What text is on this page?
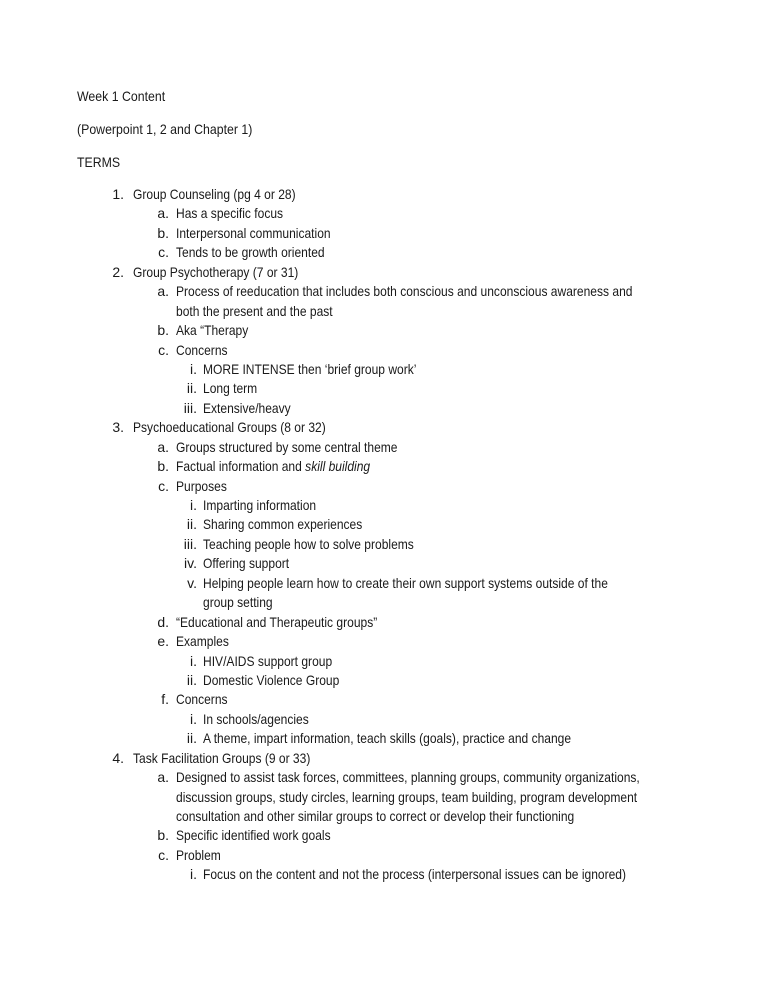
Week 1 Content
(Powerpoint 1, 2 and Chapter 1)
TERMS
1. Group Counseling (pg 4 or 28)
a. Has a specific focus
b. Interpersonal communication
c. Tends to be growth oriented
2. Group Psychotherapy (7 or 31)
a. Process of reeducation that includes both conscious and unconscious awareness and
both the present and the past
b. Aka “Therapy
c. Concerns
i. MORE INTENSE then ‘brief group work’
ii. Long term
iii. Extensive/heavy
3. Psychoeducational Groups (8 or 32)
a. Groups structured by some central theme
b. Factual information and skill building
c. Purposes
i. Imparting information
ii. Sharing common experiences
iii. Teaching people how to solve problems
iv. Offering support
v. Helping people learn how to create their own support systems outside of the
group setting
d. “Educational and Therapeutic groups”
e. Examples
i. HIV/AIDS support group
ii. Domestic Violence Group
f. Concerns
i. In schools/agencies
ii. A theme, impart information, teach skills (goals), practice and change
4. Task Facilitation Groups (9 or 33)
a. Designed to assist task forces, committees, planning groups, community organizations,
discussion groups, study circles, learning groups, team building, program development
consultation and other similar groups to correct or develop their functioning
b. Specific identified work goals
c. Problem
i. Focus on the content and not the process (interpersonal issues can be ignored)
